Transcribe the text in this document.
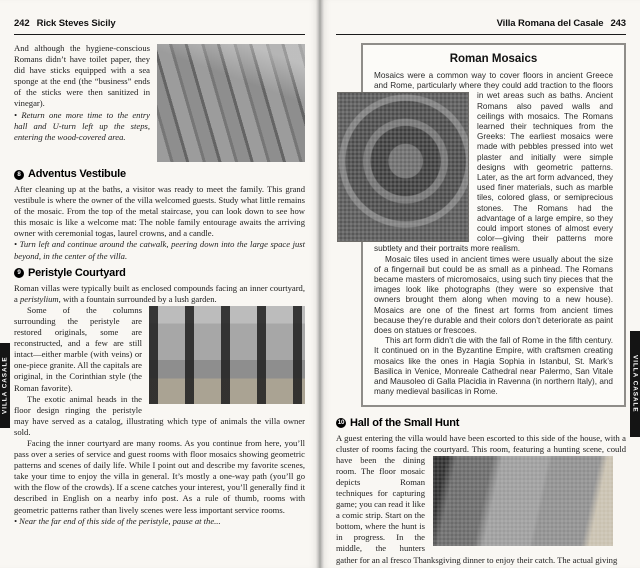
242 Rick Steves Sicily

And although the hygiene-conscious Romans didn’t have toilet paper, they did have sticks equipped with a sea sponge at the end (the “business” ends of the sticks were then sanitized in vinegar).

• Return one more time to the entry hall and U-turn left up the steps, entering the wood-covered area.

8 Adventus Vestibule

After cleaning up at the baths, a visitor was ready to meet the family. This grand vestibule is where the owner of the villa welcomed guests. Study what little remains of the mosaic. From the top of the metal staircase, you can look down to see how this mosaic is like a welcome mat: The noble family entourage awaits the arriving owner with ceremonial togas, laurel crowns, and a candle.

• Turn left and continue around the catwalk, peering down into the large space just beyond, in the center of the villa.

9 Peristyle Courtyard

Roman villas were typically built as enclosed compounds facing an inner courtyard, a peristylium, with a fountain surrounded by a lush garden.

Some of the columns surrounding the peristyle are restored originals, some are reconstructed, and a few are still intact—either marble (with veins) or one-piece granite. All the capitals are original, in the Corinthian style (the Roman favorite).

The exotic animal heads in the floor design ringing the peristyle may have served as a catalog, illustrating which type of animals the villa owner sold.

Facing the inner courtyard are many rooms. As you continue from here, you’ll pass over a series of service and guest rooms with floor mosaics showing geometric patterns and scenes of daily life. While I point out and describe my favorite scenes, take your time to enjoy the villa in general. It’s mostly a one-way path (you’ll go with the flow of the crowds). If a scene catches your interest, you’ll generally find it described in English on a nearby info post. As a rule of thumb, rooms with geometric patterns rather than lively scenes were less important service rooms.

• Near the far end of this side of the peristyle, pause at the...

VILLA CASALE
Villa Romana del Casale 243
Roman Mosaics

Mosaics were a common way to cover floors in ancient Greece and Rome, particularly where they could add traction to the
floors in wet areas such as baths. Ancient Romans also paved walls and ceilings with mosaics. The Romans learned their techniques from the Greeks: The earliest mosaics were made with pebbles pressed into wet plaster and initially were simple designs with geometric patterns. Later, as the art form advanced, they used finer materials, such as marble tiles, colored glass, or semiprecious stones. The Romans had the advantage of a large empire, so they could import stones of almost every color—giving their patterns more subtlety and their portraits more realism.

Mosaic tiles used in ancient times were usually about the size of a fingernail but could be as small as a pinhead. The Romans became masters of micromosaics, using such tiny pieces that the images look like photographs (they were so expensive that owners brought them along when moving to a new house). Mosaics are one of the finest art forms from ancient times because they’re durable and their colors don’t deteriorate as paint does on statues or frescoes.

This art form didn’t die with the fall of Rome in the fifth century. It continued on in the Byzantine Empire, with craftsmen creating mosaics like the ones in Hagia Sophia in Istanbul, St. Mark’s Basilica in Venice, Monreale Cathedral near Palermo, San Vitale and Mausoleo di Galla Placidia in Ravenna (in northern Italy), and many medieval basilicas in Rome.

10 Hall of the Small Hunt

A guest entering the villa would have been escorted to this side of the house, with a cluster of rooms facing the courtyard. This
room, featuring a hunting scene, could have been the dining room. The floor mosaic depicts Roman techniques for capturing game; you can read it like a comic strip. Start on the bottom, where the hunt is in progress. In the middle, the hunters gather for an al fresco Thanksgiving dinner to enjoy their catch. The actual giving

VILLA CASALE
